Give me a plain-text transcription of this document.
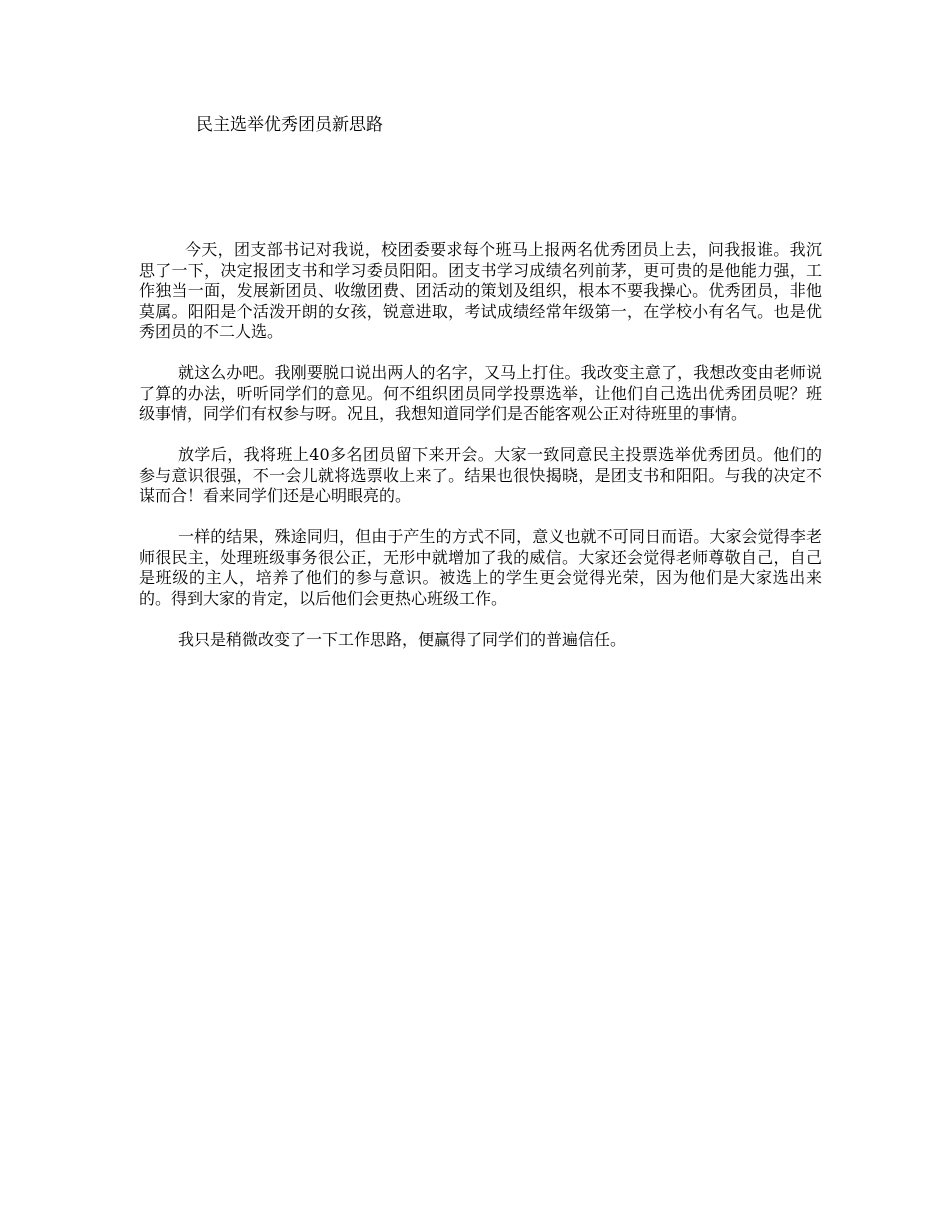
民主选举优秀团员新思路

今天，团支部书记对我说，校团委要求每个班马上报两名优秀团员上去，问我报谁。我沉思了一下，决定报团支书和学习委员阳阳。团支书学习成绩名列前茅，更可贵的是他能力强，工作独当一面，发展新团员、收缴团费、团活动的策划及组织，根本不要我操心。优秀团员，非他莫属。阳阳是个活泼开朗的女孩，锐意进取，考试成绩经常年级第一，在学校小有名气。也是优秀团员的不二人选。

就这么办吧。我刚要脱口说出两人的名字，又马上打住。我改变主意了，我想改变由老师说了算的办法，听听同学们的意见。何不组织团员同学投票选举，让他们自己选出优秀团员呢？班级事情，同学们有权参与呀。况且，我想知道同学们是否能客观公正对待班里的事情。

放学后，我将班上40多名团员留下来开会。大家一致同意民主投票选举优秀团员。他们的参与意识很强，不一会儿就将选票收上来了。结果也很快揭晓，是团支书和阳阳。与我的决定不谋而合！看来同学们还是心明眼亮的。

一样的结果，殊途同归，但由于产生的方式不同，意义也就不可同日而语。大家会觉得李老师很民主，处理班级事务很公正，无形中就增加了我的威信。大家还会觉得老师尊敬自己，自己是班级的主人，培养了他们的参与意识。被选上的学生更会觉得光荣，因为他们是大家选出来的。得到大家的肯定，以后他们会更热心班级工作。

我只是稍微改变了一下工作思路，便赢得了同学们的普遍信任。
